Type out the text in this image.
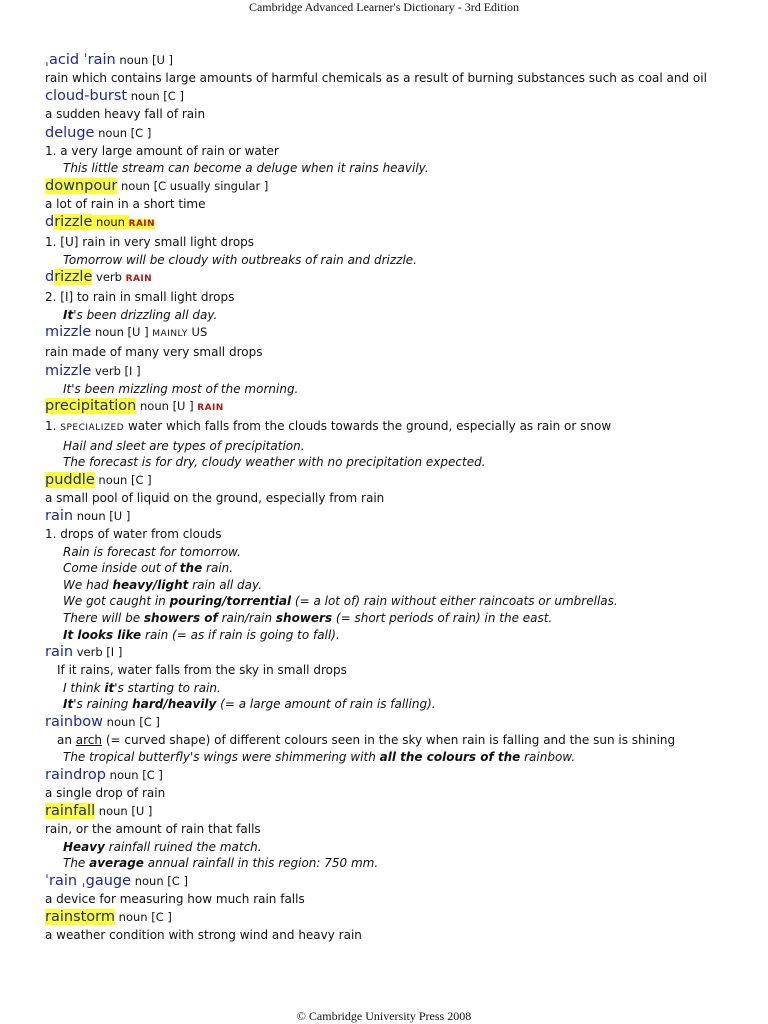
Cambridge Advanced Learner's Dictionary - 3rd Edition
ˌacid ˈrain noun [U ]
rain which contains large amounts of harmful chemicals as a result of burning substances such as coal and oil
cloud-burst noun [C ]
a sudden heavy fall of rain
deluge noun [C ]
1. a very large amount of rain or water
This little stream can become a deluge when it rains heavily.
downpour noun [C usually singular ]
a lot of rain in a short time
drizzle noun RAIN
1. [U] rain in very small light drops
Tomorrow will be cloudy with outbreaks of rain and drizzle.
drizzle verb RAIN
2. [I] to rain in small light drops
It's been drizzling all day.
mizzle noun [U ] MAINLY US
rain made of many very small drops
mizzle verb [I ]
It's been mizzling most of the morning.
precipitation noun [U ] RAIN
1. SPECIALIZED water which falls from the clouds towards the ground, especially as rain or snow
Hail and sleet are types of precipitation.
The forecast is for dry, cloudy weather with no precipitation expected.
puddle noun [C ]
a small pool of liquid on the ground, especially from rain
rain noun [U ]
1. drops of water from clouds
Rain is forecast for tomorrow.
Come inside out of the rain.
We had heavy/light rain all day.
We got caught in pouring/torrential (= a lot of) rain without either raincoats or umbrellas.
There will be showers of rain/rain showers (= short periods of rain) in the east.
It looks like rain (= as if rain is going to fall).
rain verb [I ]
If it rains, water falls from the sky in small drops
I think it's starting to rain.
It's raining hard/heavily (= a large amount of rain is falling).
rainbow noun [C ]
an arch (= curved shape) of different colours seen in the sky when rain is falling and the sun is shining
The tropical butterfly's wings were shimmering with all the colours of the rainbow.
raindrop noun [C ]
a single drop of rain
rainfall noun [U ]
rain, or the amount of rain that falls
Heavy rainfall ruined the match.
The average annual rainfall in this region: 750 mm.
ˈrain ˌgauge noun [C ]
a device for measuring how much rain falls
rainstorm noun [C ]
a weather condition with strong wind and heavy rain
© Cambridge University Press 2008
